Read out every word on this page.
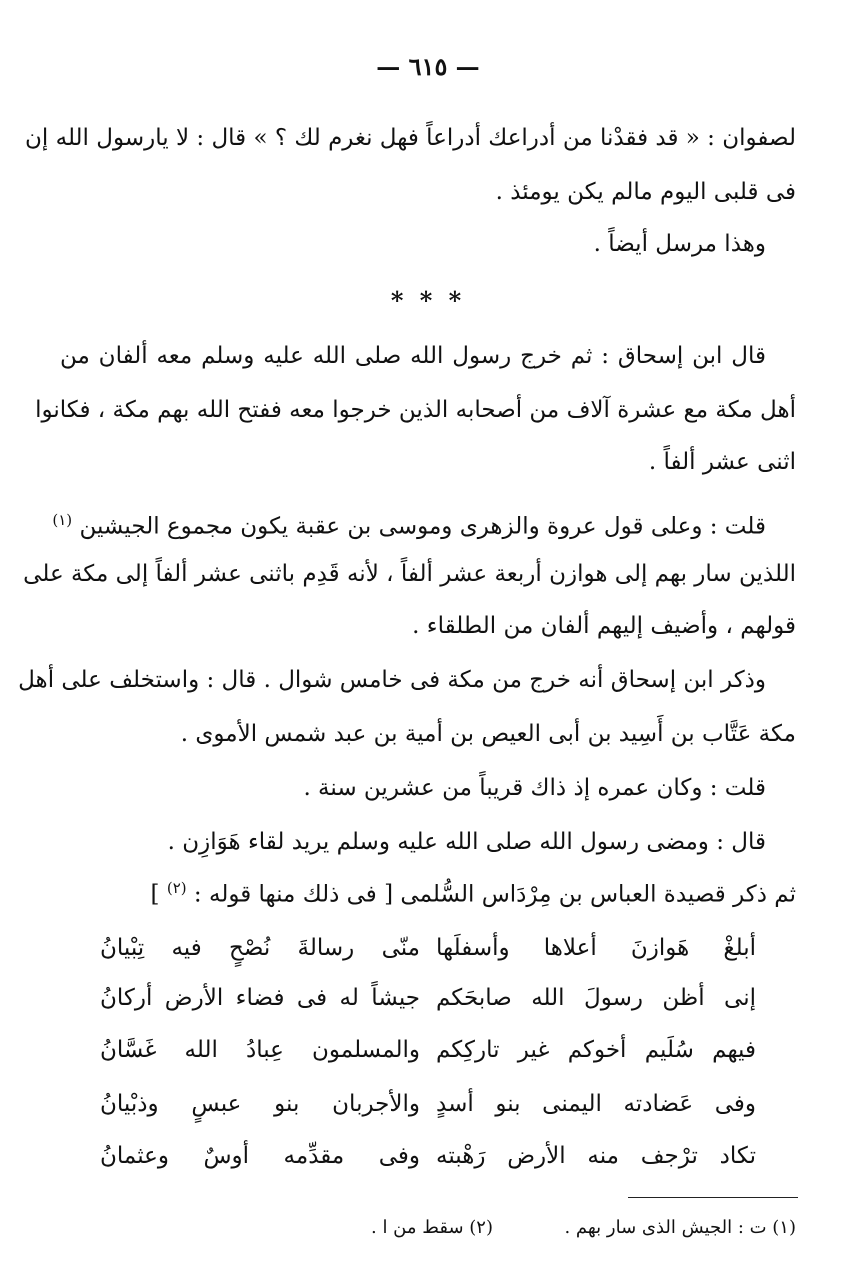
— ٦١٥ —
لصفوان : « قد فقدْنا من أدراعك أدراعاً فهل نغرم لك ؟ » قال : لا يارسول الله إن
فى قلبى اليوم مالم يكن يومئذ .
وهذا مرسل أيضاً .
* * *
قال ابن إسحاق : ثم خرج رسول الله صلى الله عليه وسلم معه ألفان من
أهل مكة مع عشرة آلاف من أصحابه الذين خرجوا معه ففتح الله بهم مكة ، فكانوا
اثنى عشر ألفاً .
قلت : وعلى قول عروة والزهرى وموسى بن عقبة يكون مجموع الجيشين $^{(١)}$
اللذين سار بهم إلى هوازن أربعة عشر ألفاً ، لأنه قَدِم باثنى عشر ألفاً إلى مكة على
قولهم ، وأضيف إليهم ألفان من الطلقاء .
وذكر ابن إسحاق أنه خرج من مكة فى خامس شوال . قال : واستخلف على أهل
مكة عَتَّاب بن أَسِيد بن أبى العيص بن أمية بن عبد شمس الأموى .
قلت : وكان عمره إذ ذاك قريباً من عشرين سنة .
قال : ومضى رسول الله صلى الله عليه وسلم يريد لقاء هَوَازِن .
ثم ذكر قصيدة العباس بن مِرْدَاس السُّلمى [ فى ذلك منها قوله : $^{(٢)}$ ]
أبلغْ هَوازنَ أعلاها وأسفلَها
منّى رسالةَ نُصْحٍ فيه تِبْيانُ
إنى أظن رسولَ الله صابحَكم
جيشاً له فى فضاء الأرض أركانُ
فيهم سُلَيم أخوكم غير تاركِكم
والمسلمون عِبادُ الله غَسَّانُ
وفى عَضادته اليمنى بنو أسدٍ
والأجربان بنو عبسٍ وذبْيانُ
تكاد ترْجف منه الأرض رَهْبته
وفى مقدِّمه أوسٌ وعثمانُ
(١) ت : الجيش الذى سار بهم .  (٢) سقط من ا .
